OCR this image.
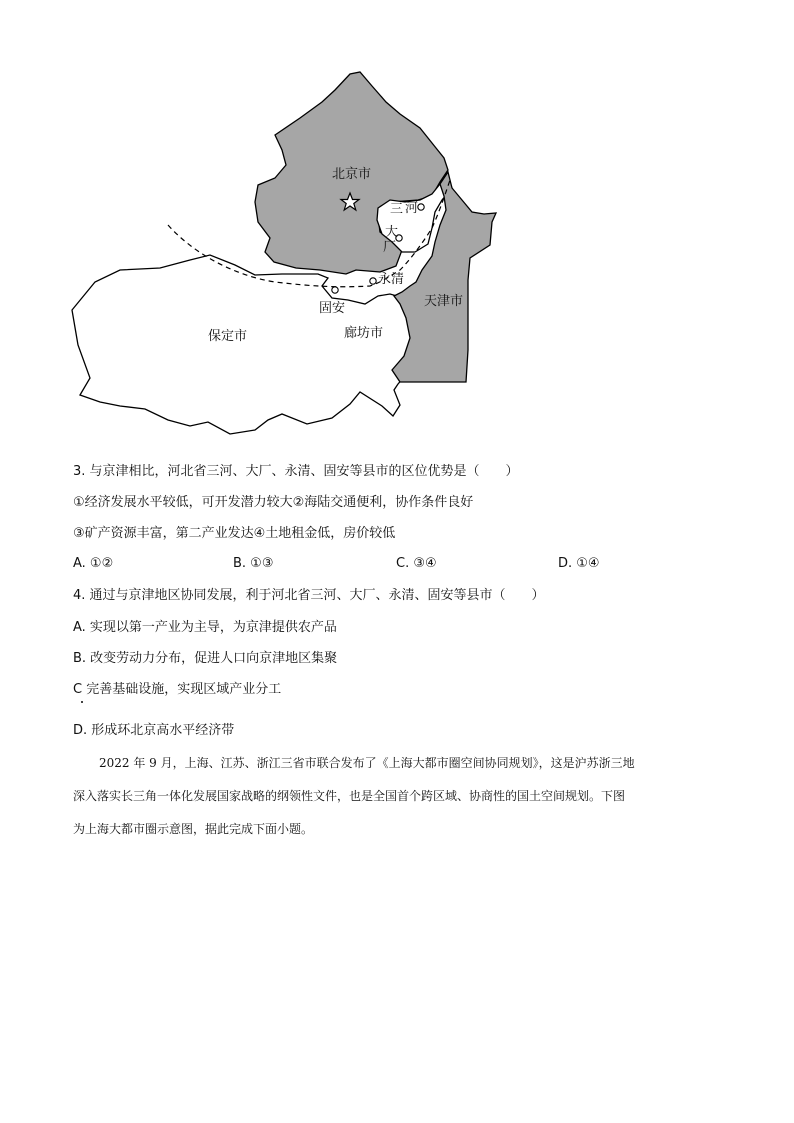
北京市
三 河
大
厂
永清
天津市
固安
保定市	廊坊市
3. 与京津相比，河北省三河、大厂、永清、固安等县市的区位优势是（　　）
①经济发展水平较低，可开发潜力较大②海陆交通便利，协作条件良好
③矿产资源丰富，第二产业发达④土地租金低，房价较低
A. ①②	B. ①③	C. ③④	D. ①④
4. 通过与京津地区协同发展，利于河北省三河、大厂、永清、固安等县市（　　）
A. 实现以第一产业为主导，为京津提供农产品
B. 改变劳动力分布，促进人口向京津地区集聚
C 完善基础设施，实现区域产业分工
D. 形成环北京高水平经济带
2022 年 9 月，上海、江苏、浙江三省市联合发布了《上海大都市圈空间协同规划》，这是沪苏浙三地
深入落实长三角一体化发展国家战略的纲领性文件，也是全国首个跨区域、协商性的国土空间规划。下图
为上海大都市圈示意图，据此完成下面小题。
